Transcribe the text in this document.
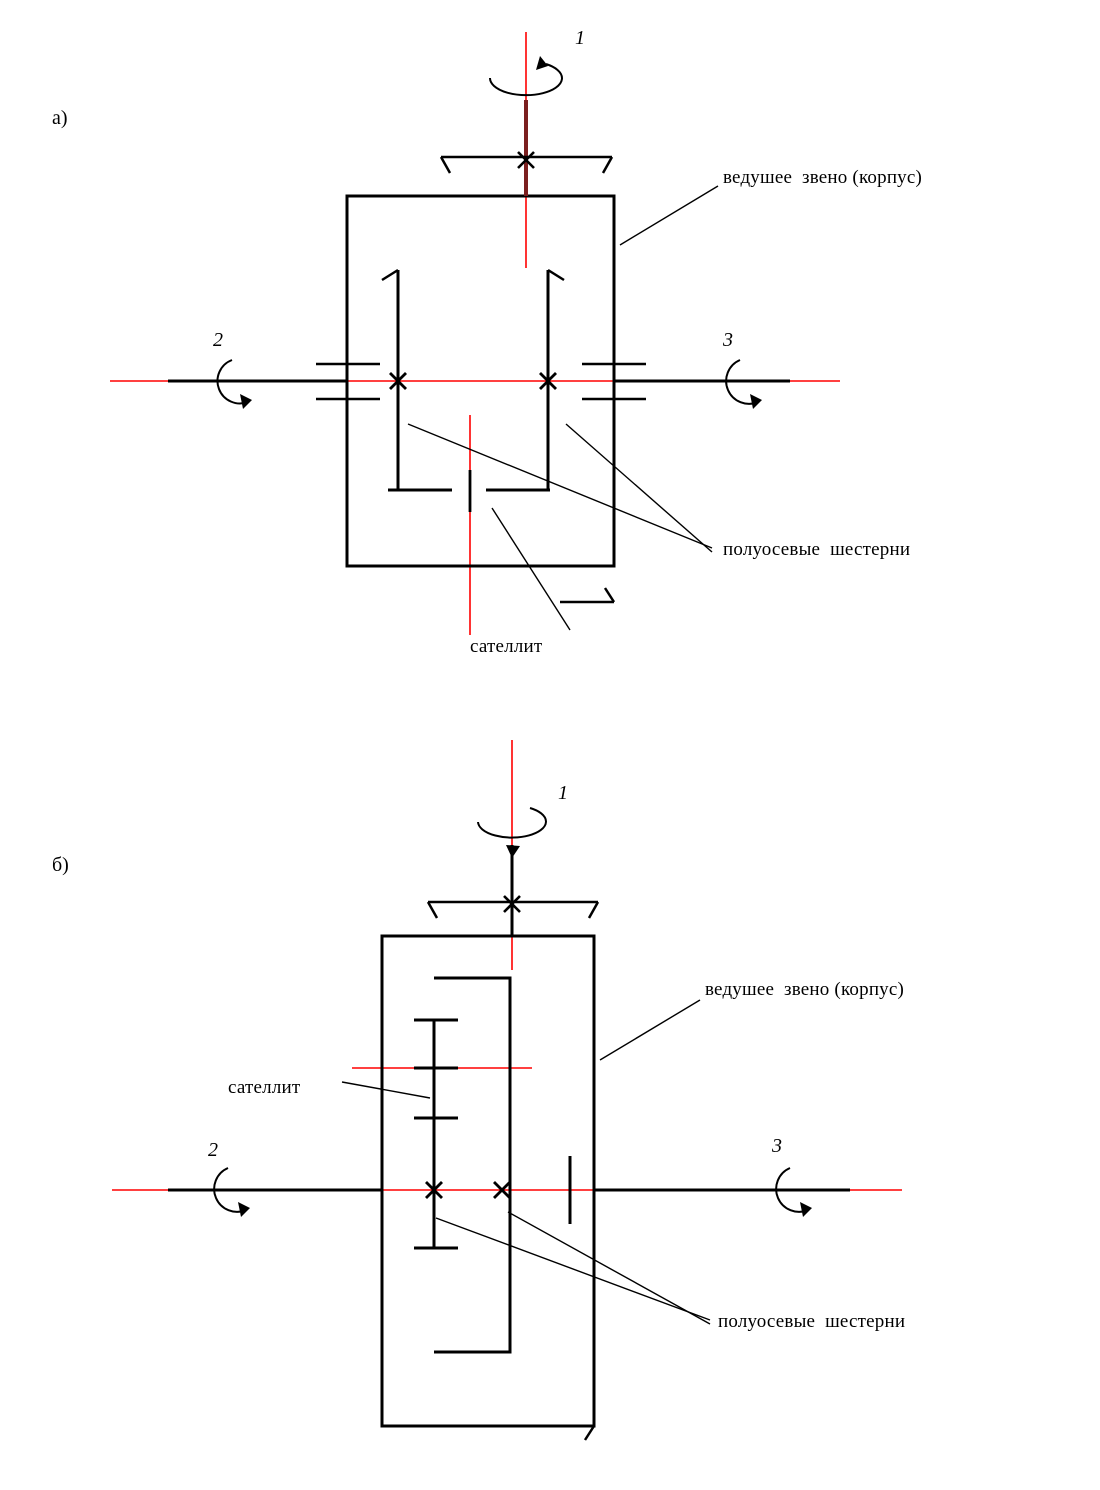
а)
1
2	3
ведушее  звено (корпус)
полуосевые  шестерни
сателлит
б)
1
2	3
ведушее  звено (корпус)
сателлит
полуосевые  шестерни
